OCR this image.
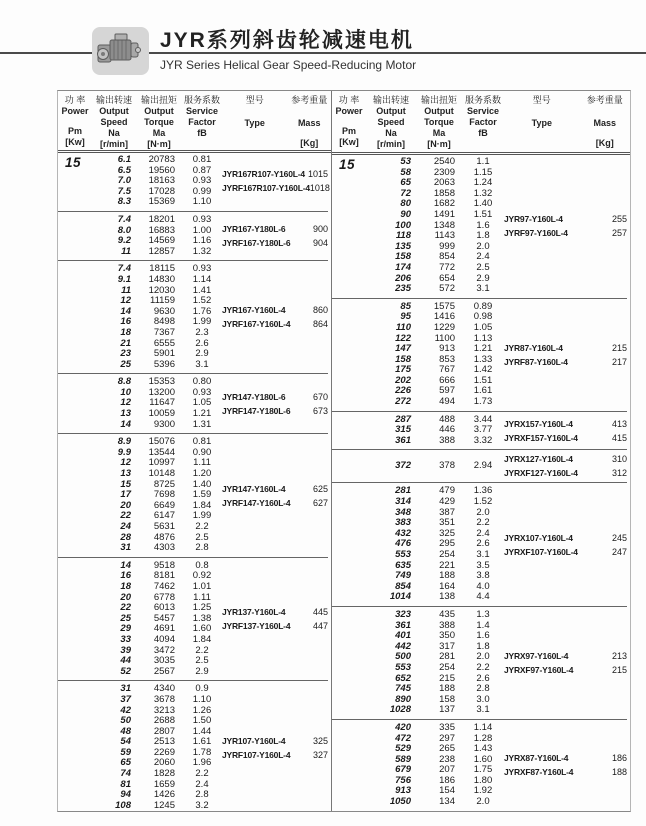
JYR系列斜齿轮减速电机
JYR Series Helical Gear Speed-Reducing Motor
功 率
Power
Pm
[Kw]
输出转速
Output
Speed
Na
[r/min]
输出扭矩
Output
Torque
Ma
[N·m]
服务系数
Service
Factor
fB
型号
Type
参考重量
Mass
[Kg]
15	6.1	20783	0.81
6.5	19560	0.87
7.0	18163	0.93
7.5	17028	0.99
8.3	15369	1.10
JYR167R107-Y160L-4 1015
JYRF167R107-Y160L-4 1018
7.4	18201	0.93
8.0	16883	1.00
9.2	14569	1.16
11	12857	1.32
JYR167-Y180L-6	900
JYRF167-Y180L-6	904
7.4	18115	0.93
9.1	14830	1.14
11	12030	1.41
12	11159	1.52
14	9630	1.76
16	8498	1.99
18	7367	2.3
21	6555	2.6
23	5901	2.9
25	5396	3.1
JYR167-Y160L-4	860
JYRF167-Y160L-4	864
8.8	15353	0.80
10	13200	0.93
12	11647	1.05
13	10059	1.21
14	9300	1.31
JYR147-Y180L-6	670
JYRF147-Y180L-6	673
8.9	15076	0.81
9.9	13544	0.90
12	10997	1.11
13	10148	1.20
15	8725	1.40
17	7698	1.59
20	6649	1.84
22	6147	1.99
24	5631	2.2
28	4876	2.5
31	4303	2.8
JYR147-Y160L-4	625
JYRF147-Y160L-4	627
14	9518	0.8
16	8181	0.92
18	7462	1.01
20	6778	1.11
22	6013	1.25
25	5457	1.38
29	4691	1.60
33	4094	1.84
39	3472	2.2
44	3035	2.5
52	2567	2.9
JYR137-Y160L-4	445
JYRF137-Y160L-4	447
31	4340	0.9
37	3678	1.10
42	3213	1.26
50	2688	1.50
48	2807	1.44
54	2513	1.61
59	2269	1.78
65	2060	1.96
74	1828	2.2
81	1659	2.4
94	1426	2.8
108	1245	3.2
JYR107-Y160L-4	325
JYRF107-Y160L-4	327
功 率
Power
Pm
[Kw]
输出转速
Output
Speed
Na
[r/min]
输出扭矩
Output
Torque
Ma
[N·m]
服务系数
Service
Factor
fB
型号
Type
参考重量
Mass
[Kg]
15	53	2540	1.1
58	2309	1.15
65	2063	1.24
72	1858	1.32
80	1682	1.40
90	1491	1.51
100	1348	1.6
118	1143	1.8
135	999	2.0
158	854	2.4
174	772	2.5
206	654	2.9
235	572	3.1
JYR97-Y160L-4	255
JYRF97-Y160L-4	257
85	1575	0.89
95	1416	0.98
110	1229	1.05
122	1100	1.13
147	913	1.21
158	853	1.33
175	767	1.42
202	666	1.51
226	597	1.61
272	494	1.73
JYR87-Y160L-4	215
JYRF87-Y160L-4	217
287	488	3.44
315	446	3.77
361	388	3.32
JYRX157-Y160L-4	413
JYRXF157-Y160L-4	415
372	378	2.94
JYRX127-Y160L-4	310
JYRXF127-Y160L-4	312
281	479	1.36
314	429	1.52
348	387	2.0
383	351	2.2
432	325	2.4
476	295	2.6
553	254	3.1
635	221	3.5
749	188	3.8
854	164	4.0
1014	138	4.4
JYRX107-Y160L-4	245
JYRXF107-Y160L-4	247
323	435	1.3
361	388	1.4
401	350	1.6
442	317	1.8
500	281	2.0
553	254	2.2
652	215	2.6
745	188	2.8
890	158	3.0
1028	137	3.1
JYRX97-Y160L-4	213
JYRXF97-Y160L-4	215
420	335	1.14
472	297	1.28
529	265	1.43
589	238	1.60
679	207	1.75
756	186	1.80
913	154	1.92
1050	134	2.0
JYRX87-Y160L-4	186
JYRXF87-Y160L-4	188
